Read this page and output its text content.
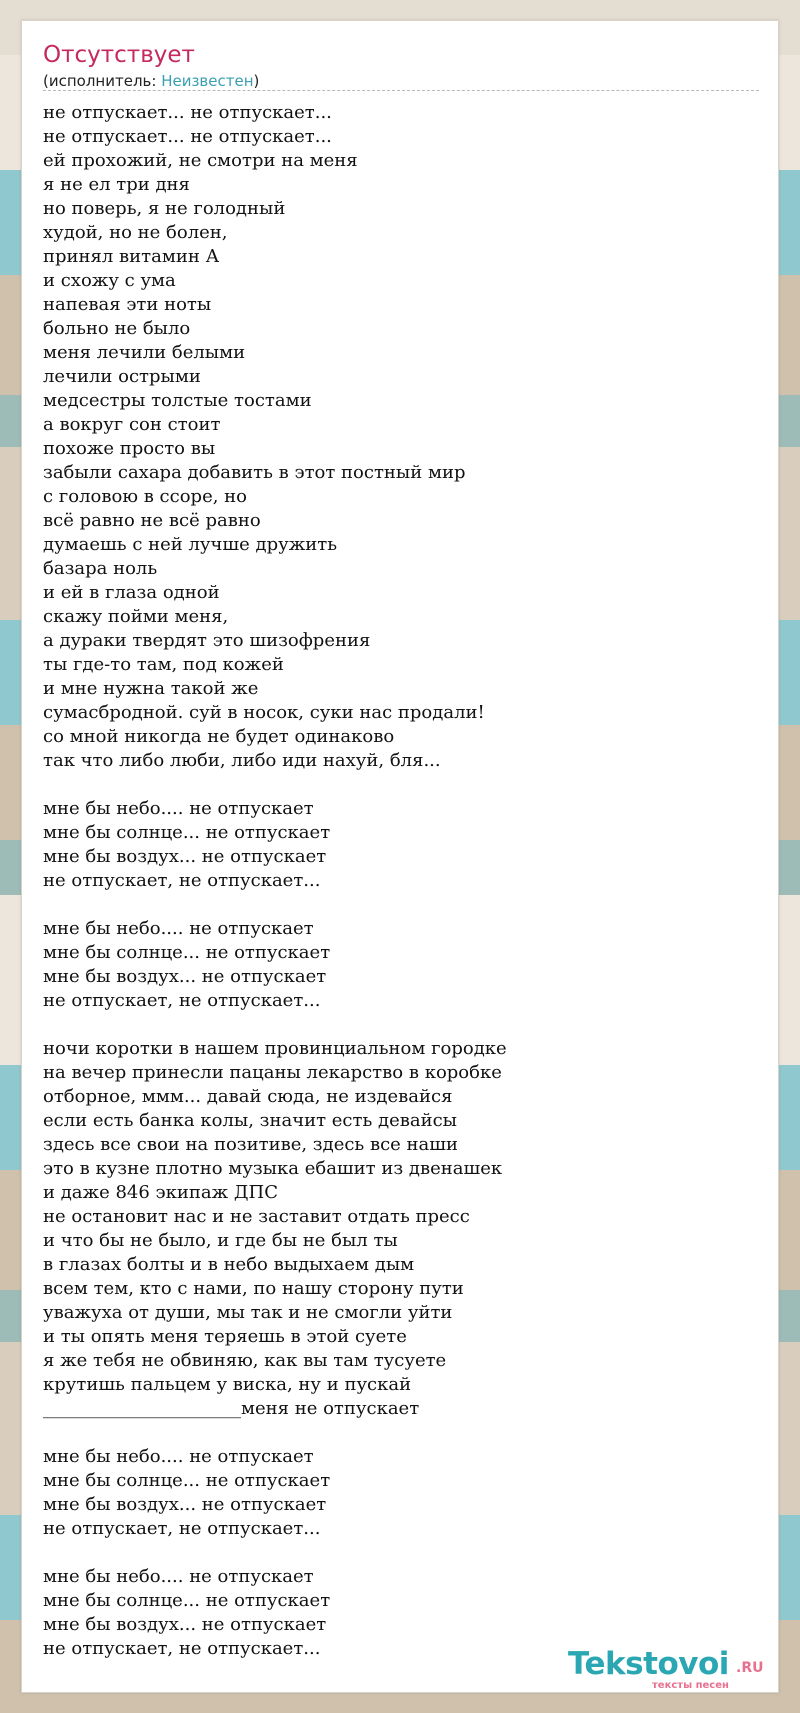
Отсутствует
(исполнитель: Неизвестен)
не отпускает... не отпускает...
не отпускает... не отпускает...
ей прохожий, не смотри на меня
я не ел три дня
но поверь, я не голодный
худой, но не болен,
принял витамин А
и схожу с ума
напевая эти ноты
больно не было
меня лечили белыми
лечили острыми
медсестры толстые тостами
а вокруг сон стоит
похоже просто вы
забыли сахара добавить в этот постный мир
с головою в ссоре, но
всё равно не всё равно
думаешь с ней лучше дружить
базара ноль
и ей в глаза одной
скажу пойми меня,
а дураки твердят это шизофрения
ты где-то там, под кожей
и мне нужна такой же
сумасбродной. суй в носок, суки нас продали!
со мной никогда не будет одинаково
так что либо люби, либо иди нахуй, бля...
мне бы небо.... не отпускает
мне бы солнце... не отпускает
мне бы воздух... не отпускает
не отпускает, не отпускает...
мне бы небо.... не отпускает
мне бы солнце... не отпускает
мне бы воздух... не отпускает
не отпускает, не отпускает...
ночи коротки в нашем провинциальном городке
на вечер принесли пацаны лекарство в коробке
отборное, ммм... давай сюда, не издевайся
если есть банка колы, значит есть девайсы
здесь все свои на позитиве, здесь все наши
это в кузне плотно музыка ебашит из двенашек
и даже 846 экипаж ДПС
не остановит нас и не заставит отдать пресс
и что бы не было, и где бы не был ты
в глазах болты и в небо выдыхаем дым
всем тем, кто с нами, по нашу сторону пути
уважуха от души, мы так и не смогли уйти
и ты опять меня теряешь в этой суете
я же тебя не обвиняю, как вы там тусуете
крутишь пальцем у виска, ну и пускай
______________________меня не отпускает
мне бы небо.... не отпускает
мне бы солнце... не отпускает
мне бы воздух... не отпускает
не отпускает, не отпускает...
мне бы небо.... не отпускает
мне бы солнце... не отпускает
мне бы воздух... не отпускает
не отпускает, не отпускает...	Tekstovoi .RU
тексты песен
